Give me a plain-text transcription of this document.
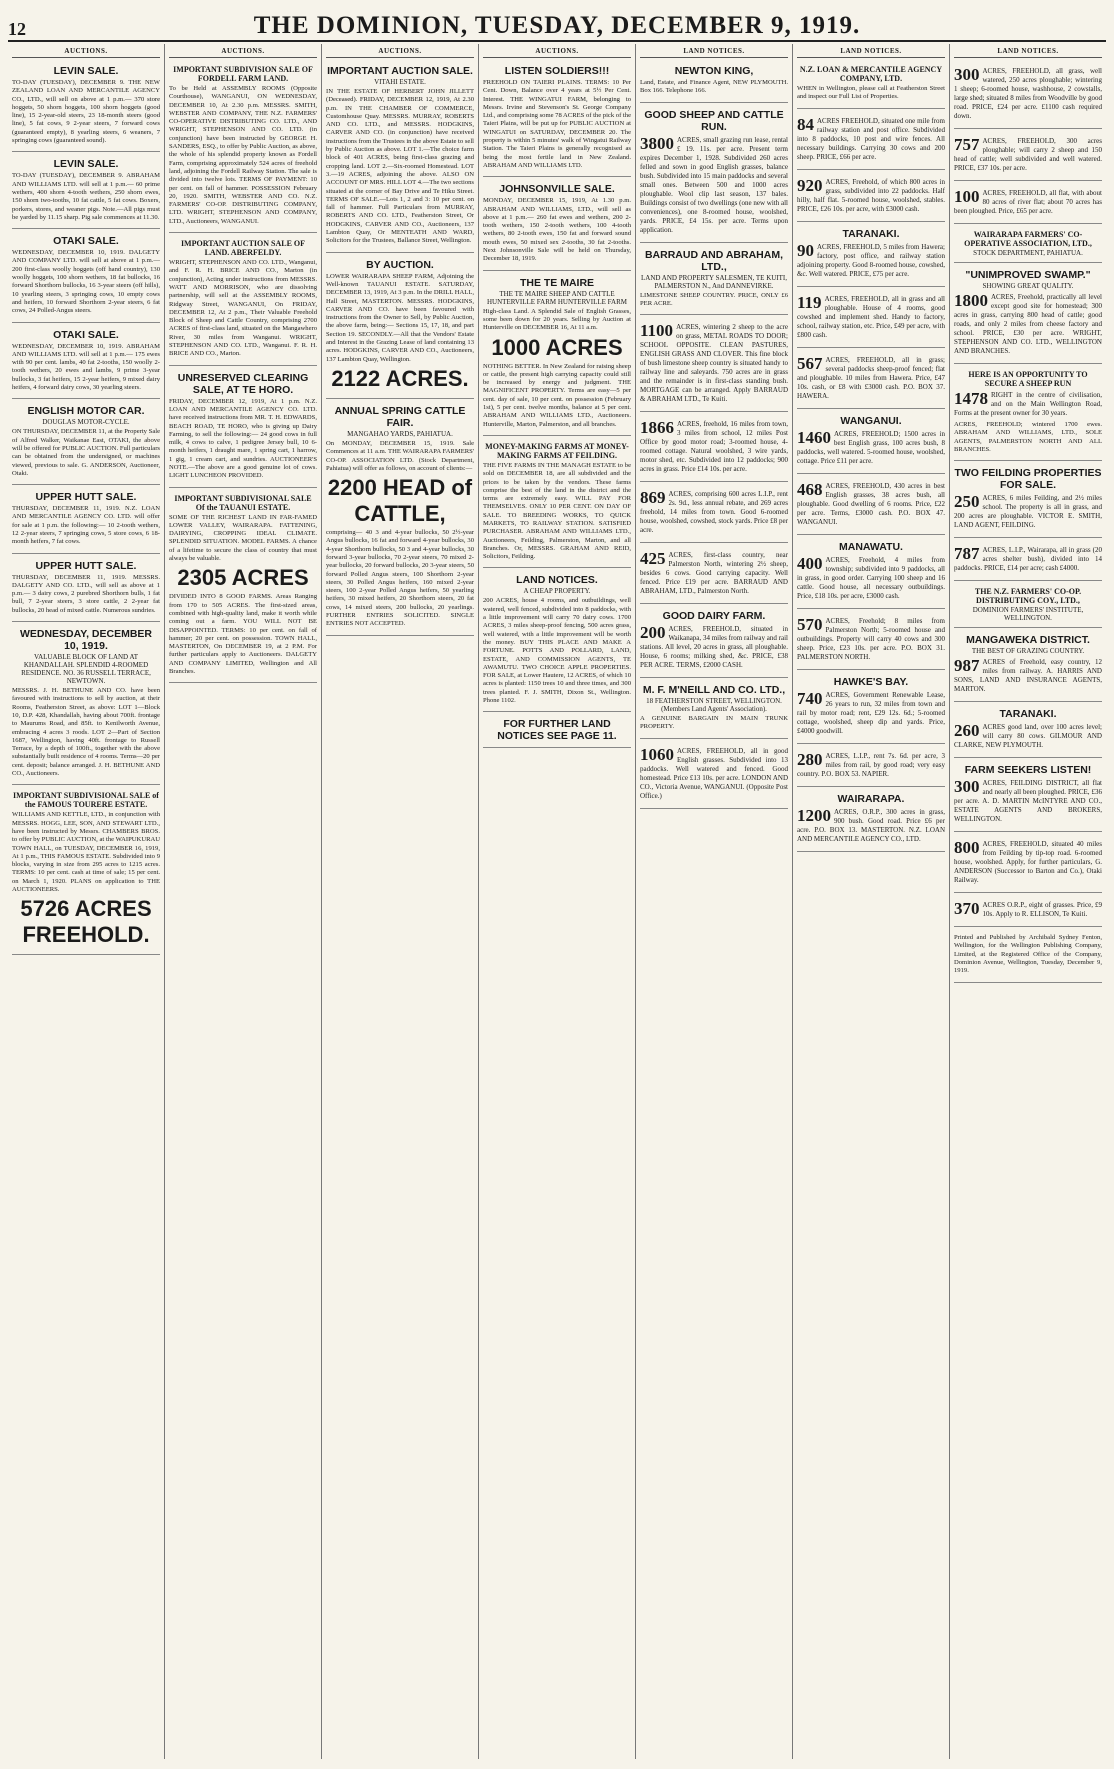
12	THE DOMINION, TUESDAY, DECEMBER 9, 1919.
AUCTIONS.
LEVIN SALE.
TO-DAY (TUESDAY), DECEMBER 9. THE NEW ZEALAND LOAN AND MERCANTILE AGENCY CO., LTD., will sell on above at 1 p.m.— 370 store hoggets, 50 shorn hoggets, 100 shorn hoggets (good line), 15 2-year-old steers, 23 18-month steers (good line), 5 fat cows, 9 2-year steers, 7 forward cows (guaranteed empty), 8 yearling steers, 6 weaners, 7 springing cows (guaranteed sound).
LEVIN SALE.
TO-DAY (TUESDAY), DECEMBER 9. ABRAHAM AND WILLIAMS LTD. will sell at 1 p.m.— 60 prime wethers, 400 shorn 4-tooth wethers, 250 shorn ewes, 150 shorn two-tooths, 10 fat cattle, 5 fat cows. Boxers, porkers, stores, and weaner pigs. Note.—All pigs must be yarded by 11.15 sharp. Pig sale commences at 11.30.
OTAKI SALE.
WEDNESDAY, DECEMBER 10, 1919. DALGETY AND COMPANY LTD. will sell at above at 1 p.m.— 200 first-class woolly hoggets (off hand country), 130 woolly hoggets, 100 shorn wethers, 18 fat bullocks, 16 forward Shorthorn bullocks, 16 3-year steers (off hills), 10 yearling steers, 3 springing cows, 10 empty cows and heifers, 10 forward Shorthorn 2-year steers, 6 fat cows, 24 Polled-Angus steers.
OTAKI SALE.
WEDNESDAY, DECEMBER 10, 1919. ABRAHAM AND WILLIAMS LTD. will sell at 1 p.m.— 175 ewes with 90 per cent. lambs, 40 fat 2-tooths, 150 woolly 2-tooth wethers, 20 ewes and lambs, 9 prime 3-year bullocks, 3 fat heifers, 15 2-year heifers, 9 mixed dairy heifers, 4 forward dairy cows, 30 yearling steers.
ENGLISH MOTOR CAR.
DOUGLAS MOTOR-CYCLE.
ON THURSDAY, DECEMBER 11, at the Property Sale of Alfred Walker, Waikanae East, OTAKI, the above will be offered for PUBLIC AUCTION. Full particulars can be obtained from the undersigned, or machines viewed, previous to sale. G. ANDERSON, Auctioneer, Otaki.
UPPER HUTT SALE.
THURSDAY, DECEMBER 11, 1919. N.Z. LOAN AND MERCANTILE AGENCY CO. LTD. will offer for sale at 1 p.m. the following:— 10 2-tooth wethers, 12 2-year steers, 7 springing cows, 5 store cows, 6 18-month heifers, 7 fat cows.
UPPER HUTT SALE.
THURSDAY, DECEMBER 11, 1919. MESSRS. DALGETY AND CO. LTD., will sell as above at 1 p.m.— 3 dairy cows, 2 purebred Shorthorn bulls, 1 fat bull, 7 2-year steers, 3 store cattle, 2 2-year fat bullocks, 20 head of mixed cattle. Numerous sundries.
WEDNESDAY, DECEMBER 10, 1919.
VALUABLE BLOCK OF LAND AT KHANDALLAH. SPLENDID 4-ROOMED RESIDENCE. NO. 36 RUSSELL TERRACE, NEWTOWN.
MESSRS. J. H. BETHUNE AND CO. have been favoured with instructions to sell by auction, at their Rooms, Featherston Street, as above: LOT 1—Block 10, D.P. 428, Khandallah, having about 700ft. frontage to Maurums Road, and 85ft. to Kenilworth Avenue, embracing 4 acres 3 roods. LOT 2—Part of Section 1687, Wellington, having 40ft. frontage to Russell Terrace, by a depth of 100ft., together with the above substantially built residence of 4 rooms. Terms—20 per cent. deposit; balance arranged. J. H. BETHUNE AND CO., Auctioneers.
IMPORTANT SUBDIVISIONAL SALE of the FAMOUS TOURERE ESTATE.
WILLIAMS AND KETTLE, LTD., in conjunction with MESSRS. HOGG, LEE, SON, AND STEWART LTD., have been instructed by Messrs. CHAMBERS BROS. to offer by PUBLIC AUCTION, at the WAIPUKURAU TOWN HALL, on TUESDAY, DECEMBER 16, 1919, At 1 p.m., THIS FAMOUS ESTATE. Subdivided into 9 blocks, varying in size from 295 acres to 1215 acres. TERMS: 10 per cent. cash at time of sale; 15 per cent. on March 1, 1920. PLANS on application to THE AUCTIONEERS.
5726 ACRES FREEHOLD.
AUCTIONS.
IMPORTANT SUBDIVISION SALE OF FORDELL FARM LAND.
To be Held at ASSEMBLY ROOMS (Opposite Courthouse), WANGANUI, ON WEDNESDAY, DECEMBER 10, At 2.30 p.m. MESSRS. SMITH, WEBSTER AND COMPANY, THE N.Z. FARMERS' CO-OPERATIVE DISTRIBUTING CO. LTD., AND WRIGHT, STEPHENSON AND CO. LTD. (in conjunction) have been instructed by GEORGE H. SANDERS, ESQ., to offer by Public Auction, as above, the whole of his splendid property known as Fordell Farm, comprising approximately 524 acres of freehold land, adjoining the Fordell Railway Station. The sale is divided into twelve lots. TERMS OF PAYMENT: 10 per cent. on fall of hammer. POSSESSION February 20, 1920. SMITH, WEBSTER AND CO. N.Z. FARMERS' CO-OP. DISTRIBUTING COMPANY, LTD. WRIGHT, STEPHENSON AND COMPANY, LTD., Auctioneers, WANGANUI.
IMPORTANT AUCTION SALE OF LAND. ABERFELDY.
WRIGHT, STEPHENSON AND CO. LTD., Wanganui, and F. R. H. BRICE AND CO., Marton (in conjunction), Acting under instructions from MESSRS. WATT AND MORRISON, who are dissolving partnership, will sell at the ASSEMBLY ROOMS, Ridgway Street, WANGANUI, On FRIDAY, DECEMBER 12, At 2 p.m., Their Valuable Freehold Block of Sheep and Cattle Country, comprising 2700 ACRES of first-class land, situated on the Mangawhero River, 30 miles from Wanganui. WRIGHT, STEPHENSON AND CO. LTD., Wanganui. F. R. H. BRICE AND CO., Marton.
UNRESERVED CLEARING SALE, AT TE HORO.
FRIDAY, DECEMBER 12, 1919, At 1 p.m. N.Z. LOAN AND MERCANTILE AGENCY CO. LTD. have received instructions from MR. T. H. EDWARDS, BEACH ROAD, TE HORO, who is giving up Dairy Farming, to sell the following:— 24 good cows in full milk, 4 cows to calve, 1 pedigree Jersey bull, 10 6-month heifers, 1 draught mare, 1 spring cart, 1 harrow, 1 gig, 1 cream cart, and sundries. AUCTIONEER'S NOTE.—The above are a good genuine lot of cows. LIGHT LUNCHEON PROVIDED.
IMPORTANT SUBDIVISIONAL SALE Of the TAUANUI ESTATE.
SOME OF THE RICHEST LAND IN FAR-FAMED LOWER VALLEY, WAIRARAPA. FATTENING, DAIRYING, CROPPING IDEAL CLIMATE. SPLENDID SITUATION. MODEL FARMS. A chance of a lifetime to secure the class of country that must always be valuable.
2305 ACRES
DIVIDED INTO 8 GOOD FARMS. Areas Ranging from 170 to 505 ACRES. The first-sized areas, combined with high-quality land, make it worth while coming out a farm. YOU WILL NOT BE DISAPPOINTED. TERMS: 10 per cent. on fall of hammer; 20 per cent. on possession. TOWN HALL, MASTERTON, On DECEMBER 19, at 2 P.M. For further particulars apply to Auctioneers. DALGETY AND COMPANY LIMITED, Wellington and All Branches.
AUCTIONS.
IMPORTANT AUCTION SALE.
VITAHI ESTATE.
IN THE ESTATE OF HERBERT JOHN JILLETT (Deceased). FRIDAY, DECEMBER 12, 1919, At 2.30 p.m. IN THE CHAMBER OF COMMERCE, Customhouse Quay. MESSRS. MURRAY, ROBERTS AND CO. LTD., and MESSRS. HODGKINS, CARVER AND CO. (in conjunction) have received instructions from the Trustees in the above Estate to sell by Public Auction as above. LOT 1.—The choice farm block of 401 ACRES, being first-class grazing and cropping land. LOT 2.—Six-roomed Homestead. LOT 3.—19 ACRES, adjoining the above. ALSO ON ACCOUNT OF MRS. HILL LOT 4.—The two sections situated at the corner of Bay Drive and Te Hiku Street. TERMS OF SALE.—Lots 1, 2 and 3: 10 per cent. on fall of hammer. Full Particulars from MURRAY, ROBERTS AND CO. LTD., Featherston Street, Or HODGKINS, CARVER AND CO., Auctioneers, 137 Lambton Quay, Or MENTEATH AND WARD, Solicitors for the Trustees, Ballance Street, Wellington.
BY AUCTION.
LOWER WAIRARAPA SHEEP FARM, Adjoining the Well-known TAUANUI ESTATE. SATURDAY, DECEMBER 13, 1919, At 3 p.m. In the DRILL HALL, Hall Street, MASTERTON. MESSRS. HODGKINS, CARVER AND CO. have been favoured with instructions from the Owner to Sell, by Public Auction, the above farm, being:— Sections 15, 17, 18, and part Section 19. SECONDLY.—All that the Vendors' Estate and Interest in the Grazing Lease of land containing 13 acres. HODGKINS, CARVER AND CO., Auctioneers, 137 Lambton Quay, Wellington.
2122 ACRES.
ANNUAL SPRING CATTLE FAIR.
MANGAHAO YARDS, PAHIATUA.
On MONDAY, DECEMBER 15, 1919. Sale Commences at 11 a.m. THE WAIRARAPA FARMERS' CO-OP. ASSOCIATION LTD. (Stock Department, Pahiatua) will offer as follows, on account of clients:—
2200 HEAD of CATTLE,
comprising— 40 3 and 4-year bullocks, 50 2½-year Angus bullocks, 16 fat and forward 4-year bullocks, 30 4-year Shorthorn bullocks, 50 3 and 4-year bullocks, 30 forward 3-year bullocks, 70 2-year steers, 70 mixed 2-year bullocks, 20 forward bullocks, 20 3-year steers, 50 forward Polled Angus steers, 100 Shorthorn 2-year steers, 30 Polled Angus heifers, 160 mixed 2-year steers, 100 2-year Polled Angus heifers, 50 yearling heifers, 30 mixed heifers, 20 Shorthorn steers, 20 fat cows, 14 mixed steers, 200 bullocks, 20 yearlings. FURTHER ENTRIES SOLICITED. SINGLE ENTRIES NOT ACCEPTED.
AUCTIONS.
LISTEN SOLDIERS!!!
FREEHOLD ON TAIERI PLAINS. TERMS: 10 Per Cent. Down, Balance over 4 years at 5½ Per Cent. Interest. THE WINGATUI FARM, belonging to Messrs. Irvine and Stevenson's St. George Company Ltd., and comprising some 78 ACRES of the pick of the Taieri Plains, will be put up for PUBLIC AUCTION at WINGATUI on SATURDAY, DECEMBER 20. The property is within 5 minutes' walk of Wingatui Railway Station. The Taieri Plains is generally recognised as being the most fertile land in New Zealand. ABRAHAM AND WILLIAMS LTD.
JOHNSONVILLE SALE.
MONDAY, DECEMBER 15, 1919, At 1.30 p.m. ABRAHAM AND WILLIAMS, LTD., will sell as above at 1 p.m.— 260 fat ewes and wethers, 200 2-tooth wethers, 150 2-tooth wethers, 100 4-tooth wethers, 80 2-tooth ewes, 150 fat and forward sound mouth ewes, 50 mixed sex 2-tooths, 30 fat 2-tooths. Next Johnsonville Sale will be held on Thursday, December 18, 1919.
THE TE MAIRE
THE TE MAIRE SHEEP AND CATTLE HUNTERVILLE FARM HUNTERVILLE FARM
High-class Land. A Splendid Sale of English Grasses, some been down for 20 years. Selling by Auction at Hunterville on DECEMBER 16, At 11 a.m.
1000 ACRES
NOTHING BETTER. In New Zealand for raising sheep or cattle, the present high carrying capacity could still be increased by energy and judgment. THE MAGNIFICENT PROPERTY. Terms are easy—5 per cent. day of sale, 10 per cent. on possession (February 1st), 5 per cent. twelve months, balance at 5 per cent. ABRAHAM AND WILLIAMS LTD., Auctioneers. Hunterville, Marton, Palmerston, and all branches.
MONEY-MAKING FARMS AT MONEY-MAKING FARMS AT FEILDING.
THE FIVE FARMS IN THE MANAGH ESTATE to be sold on DECEMBER 18, are all subdivided and the prices to be taken by the vendors. These farms comprise the best of the land in the district and the terms are extremely easy. WILL PAY FOR THEMSELVES. ONLY 10 PER CENT. ON DAY OF SALE. TO BREEDING WORKS, TO QUICK MARKETS, TO RAILWAY STATION. SATISFIED PURCHASER. ABRAHAM AND WILLIAMS LTD., Auctioneers, Feilding, Palmerston, Marton, and all Branches. Or, MESSRS. GRAHAM AND REID, Solicitors, Feilding.
LAND NOTICES.
A CHEAP PROPERTY.
200 ACRES, house 4 rooms, and outbuildings, well watered, well fenced, subdivided into 8 paddocks, with a little improvement will carry 70 dairy cows. 1700 ACRES, 3 miles sheep-proof fencing, 500 acres grass, well watered, with a little improvement will be worth the money. BUY THIS PLACE AND MAKE A FORTUNE. POTTS AND POLLARD, LAND, ESTATE, AND COMMISSION AGENTS, TE AWAMUTU. TWO CHOICE APPLE PROPERTIES. FOR SALE, at Lower Hautere, 12 ACRES, of which 10 acres is planted: 1150 trees 10 and three times, and 300 trees planted. F. J. SMITH, Dixon St., Wellington. Phone 1102.
FOR FURTHER LAND NOTICES SEE PAGE 11.
LAND NOTICES.
NEWTON KING,
Land, Estate, and Finance Agent, NEW PLYMOUTH. Box 166. Telephone 166.
GOOD SHEEP AND CATTLE RUN.
3800 ACRES, small grazing run lease, rental £ 19. 11s. per acre. Present term expires December 1, 1928. Subdivided 260 acres felled and sown in good English grasses, balance bush. Subdivided into 15 main paddocks and several small ones. Between 500 and 1000 acres ploughable. Wool clip last season, 137 bales. Buildings consist of two dwellings (one new with all conveniences), one 8-roomed house, woolshed, yards. PRICE, £4 15s. per acre. Terms upon application.
BARRAUD AND ABRAHAM, LTD.,
LAND AND PROPERTY SALESMEN, TE KUITI, PALMERSTON N., And DANNEVIRKE.
LIMESTONE SHEEP COUNTRY. PRICE, ONLY £6 PER ACRE.
1100 ACRES, wintering 2 sheep to the acre on grass, METAL ROADS TO DOOR; SCHOOL OPPOSITE. CLEAN PASTURES, ENGLISH GRASS AND CLOVER. This fine block of bush limestone sheep country is situated handy to railway line and saleyards. 750 acres are in grass and the remainder is in first-class standing bush. MORTGAGE can be arranged. Apply BARRAUD & ABRAHAM LTD., Te Kuiti.
1866 ACRES, freehold, 16 miles from town, 3 miles from school, 12 miles Post Office by good motor road; 3-roomed house, 4-roomed cottage. Natural woolshed, 3 wire yards, motor shed, etc. Subdivided into 12 paddocks; 900 acres in grass. Price £14 10s. per acre.
869 ACRES, comprising 600 acres L.I.P., rent 2s. 9d., less annual rebate, and 269 acres freehold, 14 miles from town. Good 6-roomed house, woolshed, cowshed, stock yards. Price £8 per acre.
425 ACRES, first-class country, near Palmerston North, wintering 2½ sheep, besides 6 cows. Good carrying capacity. Well fenced. Price £19 per acre. BARRAUD AND ABRAHAM, LTD., Palmerston North.
GOOD DAIRY FARM.
200 ACRES, FREEHOLD, situated in Waikanapa, 34 miles from railway and rail stations. All level, 20 acres in grass, all ploughable. House, 6 rooms; milking shed, &c. PRICE, £38 PER ACRE. TERMS, £2000 CASH.
M. F. M'NEILL AND CO. LTD.,
18 FEATHERSTON STREET, WELLINGTON. (Members Land Agents' Association).
A GENUINE BARGAIN IN MAIN TRUNK PROPERTY.
1060 ACRES, FREEHOLD, all in good English grasses. Subdivided into 13 paddocks. Well watered and fenced. Good homestead. Price £13 10s. per acre. LONDON AND CO., Victoria Avenue, WANGANUI. (Opposite Post Office.)
LAND NOTICES.
N.Z. LOAN & MERCANTILE AGENCY COMPANY, LTD.
WHEN in Wellington, please call at Featherston Street and inspect our Full List of Properties.
84 ACRES FREEHOLD, situated one mile from railway station and post office. Subdivided into 8 paddocks, 10 post and wire fences. All necessary buildings. Carrying 30 cows and 200 sheep. PRICE, £66 per acre.
920 ACRES, Freehold, of which 800 acres in grass, subdivided into 22 paddocks. Half hilly, half flat. 5-roomed house, woolshed, stables. PRICE, £26 10s. per acre, with £3000 cash.
TARANAKI.
90 ACRES, FREEHOLD, 5 miles from Hawera; factory, post office, and railway station adjoining property. Good 8-roomed house, cowshed, &c. Well watered. PRICE, £75 per acre.
119 ACRES, FREEHOLD, all in grass and all ploughable. House of 4 rooms, good cowshed and implement shed. Handy to factory, school, railway station, etc. Price, £49 per acre, with £800 cash.
567 ACRES, FREEHOLD, all in grass; several paddocks sheep-proof fenced; flat and ploughable. 10 miles from Hawera. Price, £47 10s. cash, or £8 with £3000 cash. P.O. BOX 37. HAWERA.
WANGANUI.
1460 ACRES, FREEHOLD; 1500 acres in best English grass, 100 acres bush, 8 paddocks, well watered. 5-roomed house, woolshed, cottage. Price £11 per acre.
468 ACRES, FREEHOLD, 430 acres in best English grasses, 38 acres bush, all ploughable. Good dwelling of 6 rooms. Price, £22 per acre. Terms, £3000 cash. P.O. BOX 47. WANGANUI.
MANAWATU.
400 ACRES, Freehold, 4 miles from township; subdivided into 9 paddocks, all in grass, in good order. Carrying 100 sheep and 16 cattle. Good house, all necessary outbuildings. Price, £18 10s. per acre, £3000 cash.
570 ACRES, Freehold; 8 miles from Palmerston North; 5-roomed house and outbuildings. Property will carry 40 cows and 300 sheep. Price, £23 10s. per acre. P.O. BOX 31. PALMERSTON NORTH.
HAWKE'S BAY.
740 ACRES, Government Renewable Lease, 26 years to run, 32 miles from town and rail by motor road; rent, £29 12s. 6d.; 5-roomed cottage, woolshed, sheep dip and yards. Price, £4000 goodwill.
280 ACRES, L.I.P., rent 7s. 6d. per acre, 3 miles from rail, by good road; very easy country. P.O. BOX 53. NAPIER.
WAIRARAPA.
1200 ACRES, O.R.P., 300 acres in grass, 900 bush. Good road. Price £6 per acre. P.O. BOX 13. MASTERTON. N.Z. LOAN AND MERCANTILE AGENCY CO., LTD.
LAND NOTICES.
300 ACRES, FREEHOLD, all grass, well watered, 250 acres ploughable; wintering 1 sheep; 6-roomed house, washhouse, 2 cowstalls, large shed; situated 8 miles from Woodville by good road. PRICE, £24 per acre. £1100 cash required down.
757 ACRES, FREEHOLD, 300 acres ploughable; will carry 2 sheep and 150 head of cattle; well subdivided and well watered. PRICE, £37 10s. per acre.
100 ACRES, FREEHOLD, all flat, with about 80 acres of river flat; about 70 acres has been ploughed. Price, £65 per acre.
WAIRARAPA FARMERS' CO-OPERATIVE ASSOCIATION, LTD.,
STOCK DEPARTMENT, PAHIATUA.
"UNIMPROVED SWAMP."
SHOWING GREAT QUALITY.
1800 ACRES, Freehold, practically all level except good site for homestead; 300 acres in grass, carrying 800 head of cattle; good roads, and only 2 miles from cheese factory and school. PRICE, £30 per acre. WRIGHT, STEPHENSON AND CO. LTD., WELLINGTON AND BRANCHES.
HERE IS AN OPPORTUNITY TO SECURE A SHEEP RUN
1478 RIGHT in the centre of civilisation, and on the Main Wellington Road, Forms at the present owner for 30 years.
ACRES, FREEHOLD; wintered 1700 ewes. ABRAHAM AND WILLIAMS, LTD., SOLE AGENTS, PALMERSTON NORTH AND ALL BRANCHES.
TWO FEILDING PROPERTIES FOR SALE.
250 ACRES, 6 miles Feilding, and 2½ miles school. The property is all in grass, and 200 acres are ploughable. VICTOR E. SMITH, LAND AGENT, FEILDING.
787 ACRES, L.I.P., Wairarapa, all in grass (20 acres shelter bush), divided into 14 paddocks. PRICE, £14 per acre; cash £4000.
THE N.Z. FARMERS' CO-OP. DISTRIBUTING COY., LTD.,
DOMINION FARMERS' INSTITUTE, WELLINGTON.
MANGAWEKA DISTRICT.
THE BEST OF GRAZING COUNTRY.
987 ACRES of Freehold, easy country, 12 miles from railway. A. HARRIS AND SONS, LAND AND INSURANCE AGENTS, MARTON.
TARANAKI.
260 ACRES good land, over 100 acres level; will carry 80 cows. GILMOUR AND CLARKE, NEW PLYMOUTH.
FARM SEEKERS LISTEN!
300 ACRES, FEILDING DISTRICT, all flat and nearly all been ploughed. PRICE, £36 per acre. A. D. MARTIN McINTYRE AND CO., ESTATE AGENTS AND BROKERS, WELLINGTON.
800 ACRES, FREEHOLD, situated 40 miles from Feilding by tip-top road. 6-roomed house, woolshed. Apply, for further particulars, G. ANDERSON (Successor to Barton and Co.), Otaki Railway.
370 ACRES O.R.P., eight of grasses. Price, £9 10s. Apply to R. ELLISON, Te Kuiti.
Printed and Published by Archibald Sydney Fenton, Wellington, for the Wellington Publishing Company, Limited, at the Registered Office of the Company, Dominion Avenue, Wellington, Tuesday, December 9, 1919.
